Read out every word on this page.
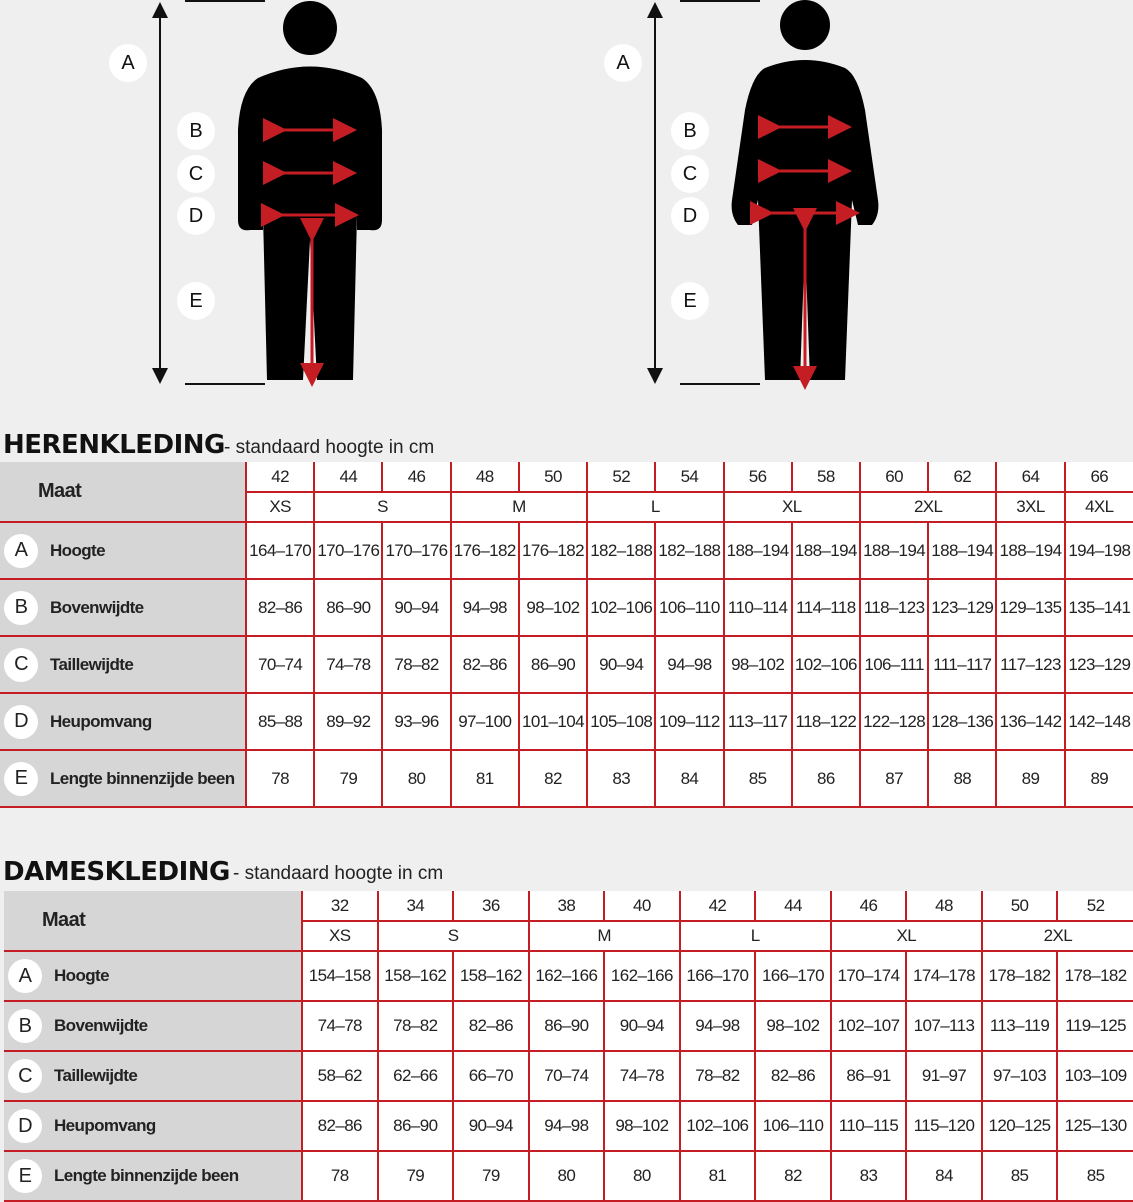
A
B
C
D
E
A
B
C
D
E
HERENKLEDING - standaard hoogte in cm
Maat	42	44	46	48	50	52	54	56	58	60	62	64	66
	XS	S		M		L		XL		2XL		3XL	4XL

A Hoogte	164–170	170–176	170–176	176–182	176–182	182–188	182–188	188–194	188–194	188–194	188–194	188–194	194–198

B Bovenwijdte	82–86	86–90	90–94	94–98	98–102	102–106	106–110	110–114	114–118	118–123	123–129	129–135	135–141

C Taillewijdte	70–74	74–78	78–82	82–86	86–90	90–94	94–98	98–102	102–106	106–111	111–117	117–123	123–129

D Heupomvang	85–88	89–92	93–96	97–100	101–104	105–108	109–112	113–117	118–122	122–128	128–136	136–142	142–148

E Lengte binnenzijde been	78	79	80	81	82	83	84	85	86	87	88	89	89
DAMESKLEDING - standaard hoogte in cm
Maat	32	34	36	38	40	42	44	46	48	50	52
	XS	S		M		L		XL		2XL	

A Hoogte	154–158	158–162	158–162	162–166	162–166	166–170	166–170	170–174	174–178	178–182	178–182

B Bovenwijdte	74–78	78–82	82–86	86–90	90–94	94–98	98–102	102–107	107–113	113–119	119–125

C Taillewijdte	58–62	62–66	66–70	70–74	74–78	78–82	82–86	86–91	91–97	97–103	103–109

D Heupomvang	82–86	86–90	90–94	94–98	98–102	102–106	106–110	110–115	115–120	120–125	125–130

E Lengte binnenzijde been	78	79	79	80	80	81	82	83	84	85	85
